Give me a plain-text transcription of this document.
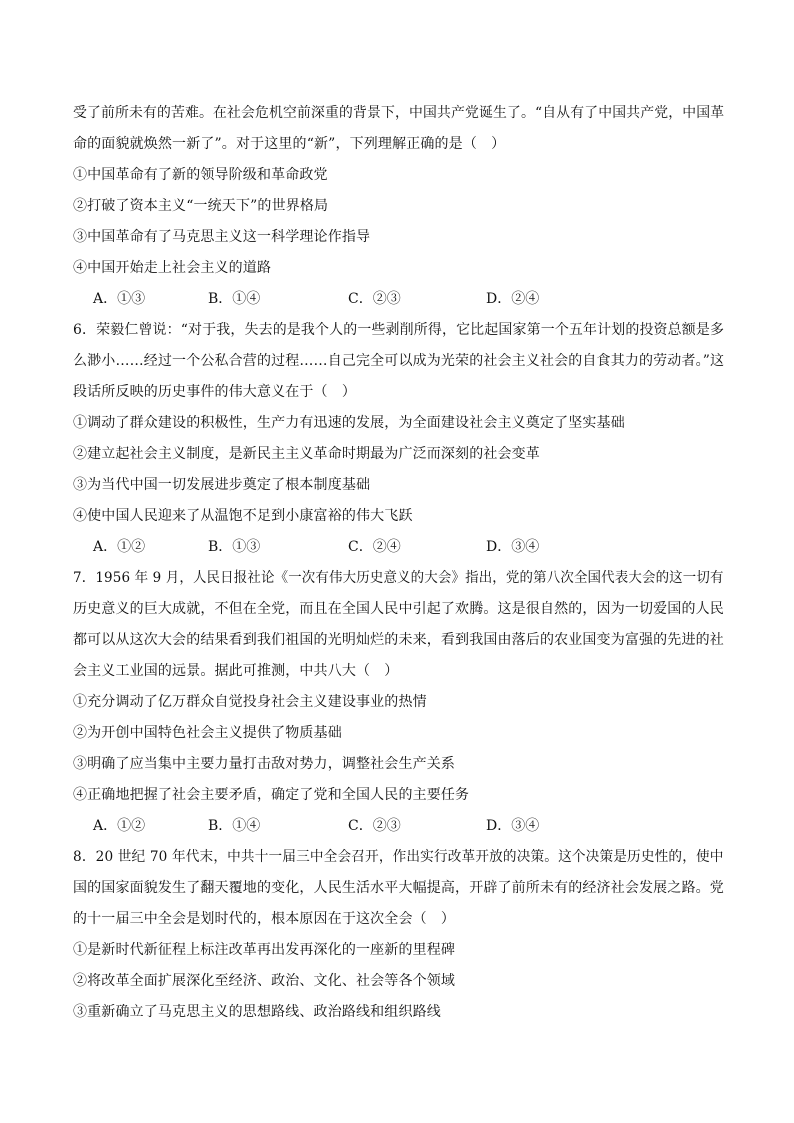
受了前所未有的苦难。在社会危机空前深重的背景下，中国共产党诞生了。“自从有了中国共产党，中国革
命的面貌就焕然一新了”。对于这里的“新”，下列理解正确的是（　）
①中国革命有了新的领导阶级和革命政党
②打破了资本主义“一统天下”的世界格局
③中国革命有了马克思主义这一科学理论作指导
④中国开始走上社会主义的道路
A．①③	B．①④	C．②③	D．②④
6．荣毅仁曾说：“对于我，失去的是我个人的一些剥削所得，它比起国家第一个五年计划的投资总额是多
么渺小……经过一个公私合营的过程……自己完全可以成为光荣的社会主义社会的自食其力的劳动者。”这
段话所反映的历史事件的伟大意义在于（　）
①调动了群众建设的积极性，生产力有迅速的发展，为全面建设社会主义奠定了坚实基础
②建立起社会主义制度，是新民主主义革命时期最为广泛而深刻的社会变革
③为当代中国一切发展进步奠定了根本制度基础
④使中国人民迎来了从温饱不足到小康富裕的伟大飞跃
A．①②	B．①③	C．②④	D．③④
7．1956 年 9 月，人民日报社论《一次有伟大历史意义的大会》指出，党的第八次全国代表大会的这一切有
历史意义的巨大成就，不但在全党，而且在全国人民中引起了欢腾。这是很自然的，因为一切爱国的人民
都可以从这次大会的结果看到我们祖国的光明灿烂的未来，看到我国由落后的农业国变为富强的先进的社
会主义工业国的远景。据此可推测，中共八大（　）
①充分调动了亿万群众自觉投身社会主义建设事业的热情
②为开创中国特色社会主义提供了物质基础
③明确了应当集中主要力量打击敌对势力，调整社会生产关系
④正确地把握了社会主要矛盾，确定了党和全国人民的主要任务
A．①②	B．①④	C．②③	D．③④
8．20 世纪 70 年代末，中共十一届三中全会召开，作出实行改革开放的决策。这个决策是历史性的，使中
国的国家面貌发生了翻天覆地的变化，人民生活水平大幅提高，开辟了前所未有的经济社会发展之路。党
的十一届三中全会是划时代的，根本原因在于这次全会（　）
①是新时代新征程上标注改革再出发再深化的一座新的里程碑
②将改革全面扩展深化至经济、政治、文化、社会等各个领域
③重新确立了马克思主义的思想路线、政治路线和组织路线
